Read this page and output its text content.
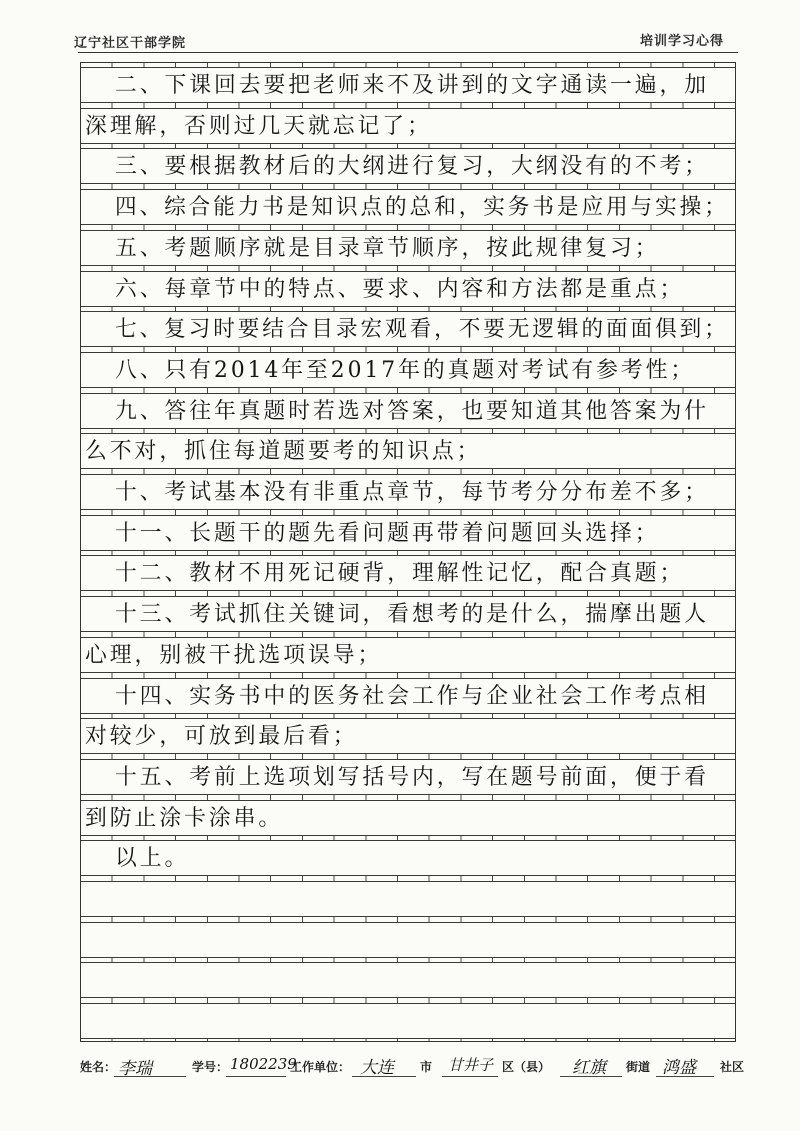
辽宁社区干部学院	培训学习心得
二、下课回去要把老师来不及讲到的文字通读一遍，加
深理解，否则过几天就忘记了；
三、要根据教材后的大纲进行复习，大纲没有的不考；
四、综合能力书是知识点的总和，实务书是应用与实操；
五、考题顺序就是目录章节顺序，按此规律复习；
六、每章节中的特点、要求、内容和方法都是重点；
七、复习时要结合目录宏观看，不要无逻辑的面面俱到；
八、只有2014年至2017年的真题对考试有参考性；
九、答往年真题时若选对答案，也要知道其他答案为什
么不对，抓住每道题要考的知识点；
十、考试基本没有非重点章节，每节考分分布差不多；
十一、长题干的题先看问题再带着问题回头选择；
十二、教材不用死记硬背，理解性记忆，配合真题；
十三、考试抓住关键词，看想考的是什么，揣摩出题人
心理，别被干扰选项误导；
十四、实务书中的医务社会工作与企业社会工作考点相
对较少，可放到最后看；
十五、考前上选项划写括号内，写在题号前面，便于看
到防止涂卡涂串。
以上。
姓名： 李瑞	学号： 1802239
工作单位： 大连 市 甘井子 区（县） 红旗 街道 鸿盛 社区
